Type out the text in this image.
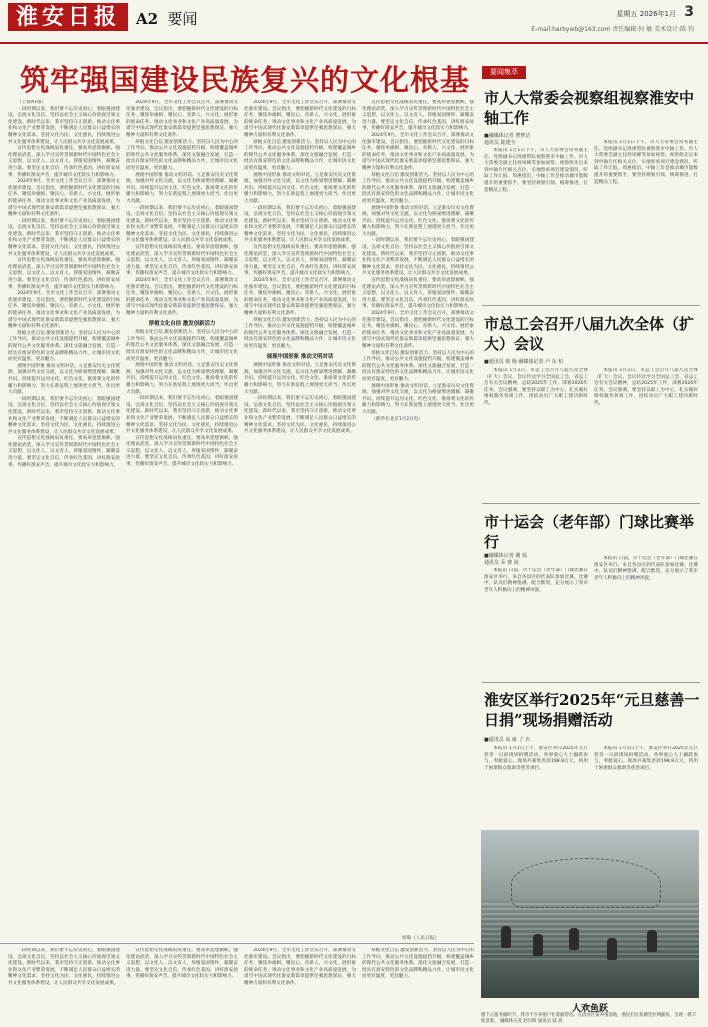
淮安日报	A2 要闻	星期五 2026年1月 3
E-mail:harbywb@163.com 责任编辑:何 敏 美术设计:陈 钧
筑牢强国建设民族复兴的文化根基

（上接A1版）

一段时期以来，我们要不忘历史初心，着眼强国建设，弘扬文化自信，坚持以社会主义核心价值观引领文化建设。新时代以来，我市坚持守正创新，推动文化事业和文化产业繁荣发展，不断满足人民群众日益增长的精神文化需求。坚持文化为民、文化惠民，持续推进公共文化服务体系建设，让人民群众共享文化发展成果。

宣传思想文化战线肩负重任。要高举思想旗帜，强化理论武装，深入学习宣传贯彻新时代中国特色社会主义思想，以文化人、以文育人，厚植家国情怀，凝聚奋进力量。要坚定文化自信，传承红色基因，讲好淮安故事，传播好淮安声音，提升城市文化软实力和影响力。

2024年9月，全市文化工作会议召开，部署推动文化强市建设。会议指出，要把握新时代文化建设的目标任务，聚焦举旗帜、聚民心、育新人、兴文化、展形象的使命任务，推动文化事业和文化产业高质量发展，为谱写中国式现代化淮安新篇章提供坚强思想保证、强大精神力量和有利文化条件。

一段时期以来，我们要不忘历史初心，着眼强国建设，弘扬文化自信，坚持以社会主义核心价值观引领文化建设。新时代以来，我市坚持守正创新，推动文化事业和文化产业繁荣发展，不断满足人民群众日益增长的精神文化需求。坚持文化为民、文化惠民，持续推进公共文化服务体系建设，让人民群众共享文化发展成果。

宣传思想文化战线肩负重任。要高举思想旗帜，强化理论武装，深入学习宣传贯彻新时代中国特色社会主义思想，以文化人、以文育人，厚植家国情怀，凝聚奋进力量。要坚定文化自信，传承红色基因，讲好淮安故事，传播好淮安声音，提升城市文化软实力和影响力。

2024年9月，全市文化工作会议召开，部署推动文化强市建设。会议指出，要把握新时代文化建设的目标任务，聚焦举旗帜、聚民心、育新人、兴文化、展形象的使命任务，推动文化事业和文化产业高质量发展，为谱写中国式现代化淮安新篇章提供坚强思想保证、强大精神力量和有利文化条件。

厚植文化自信 激发创新活力。坚持以人民为中心的工作导向，推动公共文化设施提档升级，构建覆盖城乡的现代公共文化服务体系。深化文旅融合发展，打造一批具有淮安特色的文化品牌和精品力作，让城市因文化而更有温度、更具魅力。

展现中国形象 推动文明对话。立足淮安历史文化资源，加强对外文化交流，以文化为桥梁增进理解、凝聚共识。持续提升运河文化、红色文化、淮扬菜文化的传播力和影响力，努力在新征程上展现更大担当、作出更大贡献。

一段时期以来，我们要不忘历史初心，着眼强国建设，弘扬文化自信，坚持以社会主义核心价值观引领文化建设。新时代以来，我市坚持守正创新，推动文化事业和文化产业繁荣发展，不断满足人民群众日益增长的精神文化需求。坚持文化为民、文化惠民，持续推进公共文化服务体系建设，让人民群众共享文化发展成果。

宣传思想文化战线肩负重任。要高举思想旗帜，强化理论武装，深入学习宣传贯彻新时代中国特色社会主义思想，以文化人、以文育人，厚植家国情怀，凝聚奋进力量。要坚定文化自信，传承红色基因，讲好淮安故事，传播好淮安声音，提升城市文化软实力和影响力。

2024年9月，全市文化工作会议召开，部署推动文化强市建设。会议指出，要把握新时代文化建设的目标任务，聚焦举旗帜、聚民心、育新人、兴文化、展形象的使命任务，推动文化事业和文化产业高质量发展，为谱写中国式现代化淮安新篇章提供坚强思想保证、强大精神力量和有利文化条件。

厚植文化自信 激发创新活力。坚持以人民为中心的工作导向，推动公共文化设施提档升级，构建覆盖城乡的现代公共文化服务体系。深化文旅融合发展，打造一批具有淮安特色的文化品牌和精品力作，让城市因文化而更有温度、更具魅力。

展现中国形象 推动文明对话。立足淮安历史文化资源，加强对外文化交流，以文化为桥梁增进理解、凝聚共识。持续提升运河文化、红色文化、淮扬菜文化的传播力和影响力，努力在新征程上展现更大担当、作出更大贡献。

一段时期以来，我们要不忘历史初心，着眼强国建设，弘扬文化自信，坚持以社会主义核心价值观引领文化建设。新时代以来，我市坚持守正创新，推动文化事业和文化产业繁荣发展，不断满足人民群众日益增长的精神文化需求。坚持文化为民、文化惠民，持续推进公共文化服务体系建设，让人民群众共享文化发展成果。

宣传思想文化战线肩负重任。要高举思想旗帜，强化理论武装，深入学习宣传贯彻新时代中国特色社会主义思想，以文化人、以文育人，厚植家国情怀，凝聚奋进力量。要坚定文化自信，传承红色基因，讲好淮安故事，传播好淮安声音，提升城市文化软实力和影响力。

2024年9月，全市文化工作会议召开，部署推动文化强市建设。会议指出，要把握新时代文化建设的目标任务，聚焦举旗帜、聚民心、育新人、兴文化、展形象的使命任务，推动文化事业和文化产业高质量发展，为谱写中国式现代化淮安新篇章提供坚强思想保证、强大精神力量和有利文化条件。

厚植文化自信 激发创新活力

厚植文化自信 激发创新活力。坚持以人民为中心的工作导向，推动公共文化设施提档升级，构建覆盖城乡的现代公共文化服务体系。深化文旅融合发展，打造一批具有淮安特色的文化品牌和精品力作，让城市因文化而更有温度、更具魅力。

展现中国形象 推动文明对话。立足淮安历史文化资源，加强对外文化交流，以文化为桥梁增进理解、凝聚共识。持续提升运河文化、红色文化、淮扬菜文化的传播力和影响力，努力在新征程上展现更大担当、作出更大贡献。

一段时期以来，我们要不忘历史初心，着眼强国建设，弘扬文化自信，坚持以社会主义核心价值观引领文化建设。新时代以来，我市坚持守正创新，推动文化事业和文化产业繁荣发展，不断满足人民群众日益增长的精神文化需求。坚持文化为民、文化惠民，持续推进公共文化服务体系建设，让人民群众共享文化发展成果。

宣传思想文化战线肩负重任。要高举思想旗帜，强化理论武装，深入学习宣传贯彻新时代中国特色社会主义思想，以文化人、以文育人，厚植家国情怀，凝聚奋进力量。要坚定文化自信，传承红色基因，讲好淮安故事，传播好淮安声音，提升城市文化软实力和影响力。

2024年9月，全市文化工作会议召开，部署推动文化强市建设。会议指出，要把握新时代文化建设的目标任务，聚焦举旗帜、聚民心、育新人、兴文化、展形象的使命任务，推动文化事业和文化产业高质量发展，为谱写中国式现代化淮安新篇章提供坚强思想保证、强大精神力量和有利文化条件。

厚植文化自信 激发创新活力。坚持以人民为中心的工作导向，推动公共文化设施提档升级，构建覆盖城乡的现代公共文化服务体系。深化文旅融合发展，打造一批具有淮安特色的文化品牌和精品力作，让城市因文化而更有温度、更具魅力。

展现中国形象 推动文明对话。立足淮安历史文化资源，加强对外文化交流，以文化为桥梁增进理解、凝聚共识。持续提升运河文化、红色文化、淮扬菜文化的传播力和影响力，努力在新征程上展现更大担当、作出更大贡献。

一段时期以来，我们要不忘历史初心，着眼强国建设，弘扬文化自信，坚持以社会主义核心价值观引领文化建设。新时代以来，我市坚持守正创新，推动文化事业和文化产业繁荣发展，不断满足人民群众日益增长的精神文化需求。坚持文化为民、文化惠民，持续推进公共文化服务体系建设，让人民群众共享文化发展成果。

宣传思想文化战线肩负重任。要高举思想旗帜，强化理论武装，深入学习宣传贯彻新时代中国特色社会主义思想，以文化人、以文育人，厚植家国情怀，凝聚奋进力量。要坚定文化自信，传承红色基因，讲好淮安故事，传播好淮安声音，提升城市文化软实力和影响力。

2024年9月，全市文化工作会议召开，部署推动文化强市建设。会议指出，要把握新时代文化建设的目标任务，聚焦举旗帜、聚民心、育新人、兴文化、展形象的使命任务，推动文化事业和文化产业高质量发展，为谱写中国式现代化淮安新篇章提供坚强思想保证、强大精神力量和有利文化条件。

厚植文化自信 激发创新活力。坚持以人民为中心的工作导向，推动公共文化设施提档升级，构建覆盖城乡的现代公共文化服务体系。深化文旅融合发展，打造一批具有淮安特色的文化品牌和精品力作，让城市因文化而更有温度、更具魅力。

展现中国形象 推动文明对话

展现中国形象 推动文明对话。立足淮安历史文化资源，加强对外文化交流，以文化为桥梁增进理解、凝聚共识。持续提升运河文化、红色文化、淮扬菜文化的传播力和影响力，努力在新征程上展现更大担当、作出更大贡献。

一段时期以来，我们要不忘历史初心，着眼强国建设，弘扬文化自信，坚持以社会主义核心价值观引领文化建设。新时代以来，我市坚持守正创新，推动文化事业和文化产业繁荣发展，不断满足人民群众日益增长的精神文化需求。坚持文化为民、文化惠民，持续推进公共文化服务体系建设，让人民群众共享文化发展成果。

宣传思想文化战线肩负重任。要高举思想旗帜，强化理论武装，深入学习宣传贯彻新时代中国特色社会主义思想，以文化人、以文育人，厚植家国情怀，凝聚奋进力量。要坚定文化自信，传承红色基因，讲好淮安故事，传播好淮安声音，提升城市文化软实力和影响力。

2024年9月，全市文化工作会议召开，部署推动文化强市建设。会议指出，要把握新时代文化建设的目标任务，聚焦举旗帜、聚民心、育新人、兴文化、展形象的使命任务，推动文化事业和文化产业高质量发展，为谱写中国式现代化淮安新篇章提供坚强思想保证、强大精神力量和有利文化条件。

厚植文化自信 激发创新活力。坚持以人民为中心的工作导向，推动公共文化设施提档升级，构建覆盖城乡的现代公共文化服务体系。深化文旅融合发展，打造一批具有淮安特色的文化品牌和精品力作，让城市因文化而更有温度、更具魅力。

展现中国形象 推动文明对话。立足淮安历史文化资源，加强对外文化交流，以文化为桥梁增进理解、凝聚共识。持续提升运河文化、红色文化、淮扬菜文化的传播力和影响力，努力在新征程上展现更大担当、作出更大贡献。

一段时期以来，我们要不忘历史初心，着眼强国建设，弘扬文化自信，坚持以社会主义核心价值观引领文化建设。新时代以来，我市坚持守正创新，推动文化事业和文化产业繁荣发展，不断满足人民群众日益增长的精神文化需求。坚持文化为民、文化惠民，持续推进公共文化服务体系建设，让人民群众共享文化发展成果。

宣传思想文化战线肩负重任。要高举思想旗帜，强化理论武装，深入学习宣传贯彻新时代中国特色社会主义思想，以文化人、以文育人，厚植家国情怀，凝聚奋进力量。要坚定文化自信，传承红色基因，讲好淮安故事，传播好淮安声音，提升城市文化软实力和影响力。

2024年9月，全市文化工作会议召开，部署推动文化强市建设。会议指出，要把握新时代文化建设的目标任务，聚焦举旗帜、聚民心、育新人、兴文化、展形象的使命任务，推动文化事业和文化产业高质量发展，为谱写中国式现代化淮安新篇章提供坚强思想保证、强大精神力量和有利文化条件。

厚植文化自信 激发创新活力。坚持以人民为中心的工作导向，推动公共文化设施提档升级，构建覆盖城乡的现代公共文化服务体系。深化文旅融合发展，打造一批具有淮安特色的文化品牌和精品力作，让城市因文化而更有温度、更具魅力。

展现中国形象 推动文明对话。立足淮安历史文化资源，加强对外文化交流，以文化为桥梁增进理解、凝聚共识。持续提升运河文化、红色文化、淮扬菜文化的传播力和影响力，努力在新征程上展现更大担当、作出更大贡献。

（新华社北京1月2日电）

原载《人民日报》

一段时期以来，我们要不忘历史初心，着眼强国建设，弘扬文化自信，坚持以社会主义核心价值观引领文化建设。新时代以来，我市坚持守正创新，推动文化事业和文化产业繁荣发展，不断满足人民群众日益增长的精神文化需求。坚持文化为民、文化惠民，持续推进公共文化服务体系建设，让人民群众共享文化发展成果。

宣传思想文化战线肩负重任。要高举思想旗帜，强化理论武装，深入学习宣传贯彻新时代中国特色社会主义思想，以文化人、以文育人，厚植家国情怀，凝聚奋进力量。要坚定文化自信，传承红色基因，讲好淮安故事，传播好淮安声音，提升城市文化软实力和影响力。

2024年9月，全市文化工作会议召开，部署推动文化强市建设。会议指出，要把握新时代文化建设的目标任务，聚焦举旗帜、聚民心、育新人、兴文化、展形象的使命任务，推动文化事业和文化产业高质量发展，为谱写中国式现代化淮安新篇章提供坚强思想保证、强大精神力量和有利文化条件。

厚植文化自信 激发创新活力。坚持以人民为中心的工作导向，推动公共文化设施提档升级，构建覆盖城乡的现代公共文化服务体系。深化文旅融合发展，打造一批具有淮安特色的文化品牌和精品力作，让城市因文化而更有温度、更具魅力。

要闻集萃
市人大常委会视察组视察淮安中轴工作
■融媒体记者 曹梦洁
通讯员 陆建全

本报讯 1月1日下午，市人大常委会常务副主任、党组副书记周惠带队视察我市中轴工作。市人大常委会副主任何凤峰等参加视察。视察组先后来到中轴片区相关点位，实地察看项目建设情况，听取工作汇报。周惠指出，中轴工作是推动城市能级提升的重要抓手，要坚持规划引领、统筹推进，打造精品工程。

本报讯 1月1日下午，市人大常委会常务副主任、党组副书记周惠带队视察我市中轴工作。市人大常委会副主任何凤峰等参加视察。视察组先后来到中轴片区相关点位，实地察看项目建设情况，听取工作汇报。周惠指出，中轴工作是推动城市能级提升的重要抓手，要坚持规划引领、统筹推进，打造精品工程。

市总工会召开八届九次全体（扩大）会议
■通讯员 韩 杨 融媒体记者 卢 东 桓

本报讯 1月2日，市总工会召开八届九次全体（扩大）会议。会议传达学习全国总工会、省总工会有关会议精神，总结2025年工作，部署2026年任务。会议强调，要坚持以职工为中心，扎实做好维权服务各项工作，团结动员广大职工建功新时代。

本报讯 1月2日，市总工会召开八届九次全体（扩大）会议。会议传达学习全国总工会、省总工会有关会议精神，总结2025年工作，部署2026年任务。会议强调，要坚持以职工为中心，扎实做好维权服务各项工作，团结动员广大职工建功新时代。

市十运会（老年部）门球比赛举行
■融媒体记者 谢 福
通讯员 乔 赛 海

本报讯 日前，市十运会（老年部）门球比赛在淮安区举行。来自各县区的代表队参加比赛。比赛中，队员们精神饱满、配合默契，充分展示了我市老年人积极向上的精神风貌。

本报讯 日前，市十运会（老年部）门球比赛在淮安区举行。来自各县区的代表队参加比赛。比赛中，队员们精神饱满、配合默契，充分展示了我市老年人积极向上的精神风貌。

淮安区举行2025年“元旦慈善一日捐”现场捐赠活动
■通讯员 高 康 了 衣

本报讯 1月1日上午，淮安区举行2025年元旦慈善一日捐现场捐赠活动，各界爱心人士踊跃参与，奉献爱心。现场共募集善款198.8万元，将用于困难群众救助等慈善项目。

本报讯 1月1日上午，淮安区举行2025年元旦慈善一日捐现场捐赠活动，各界爱心人士踊跃参与，奉献爱心。现场共募集善款198.8万元，将用于困难群众救助等慈善项目。

人欢鱼跃
腊下正值冬捕时节，我市不少养殖户忙着捕捞鱼。在清河区某养殖基地，渔民们在鱼塘里拉网捕鱼，呈现一派丰收景象。 融媒体记者 赵启辉 通讯员 陆 晨
